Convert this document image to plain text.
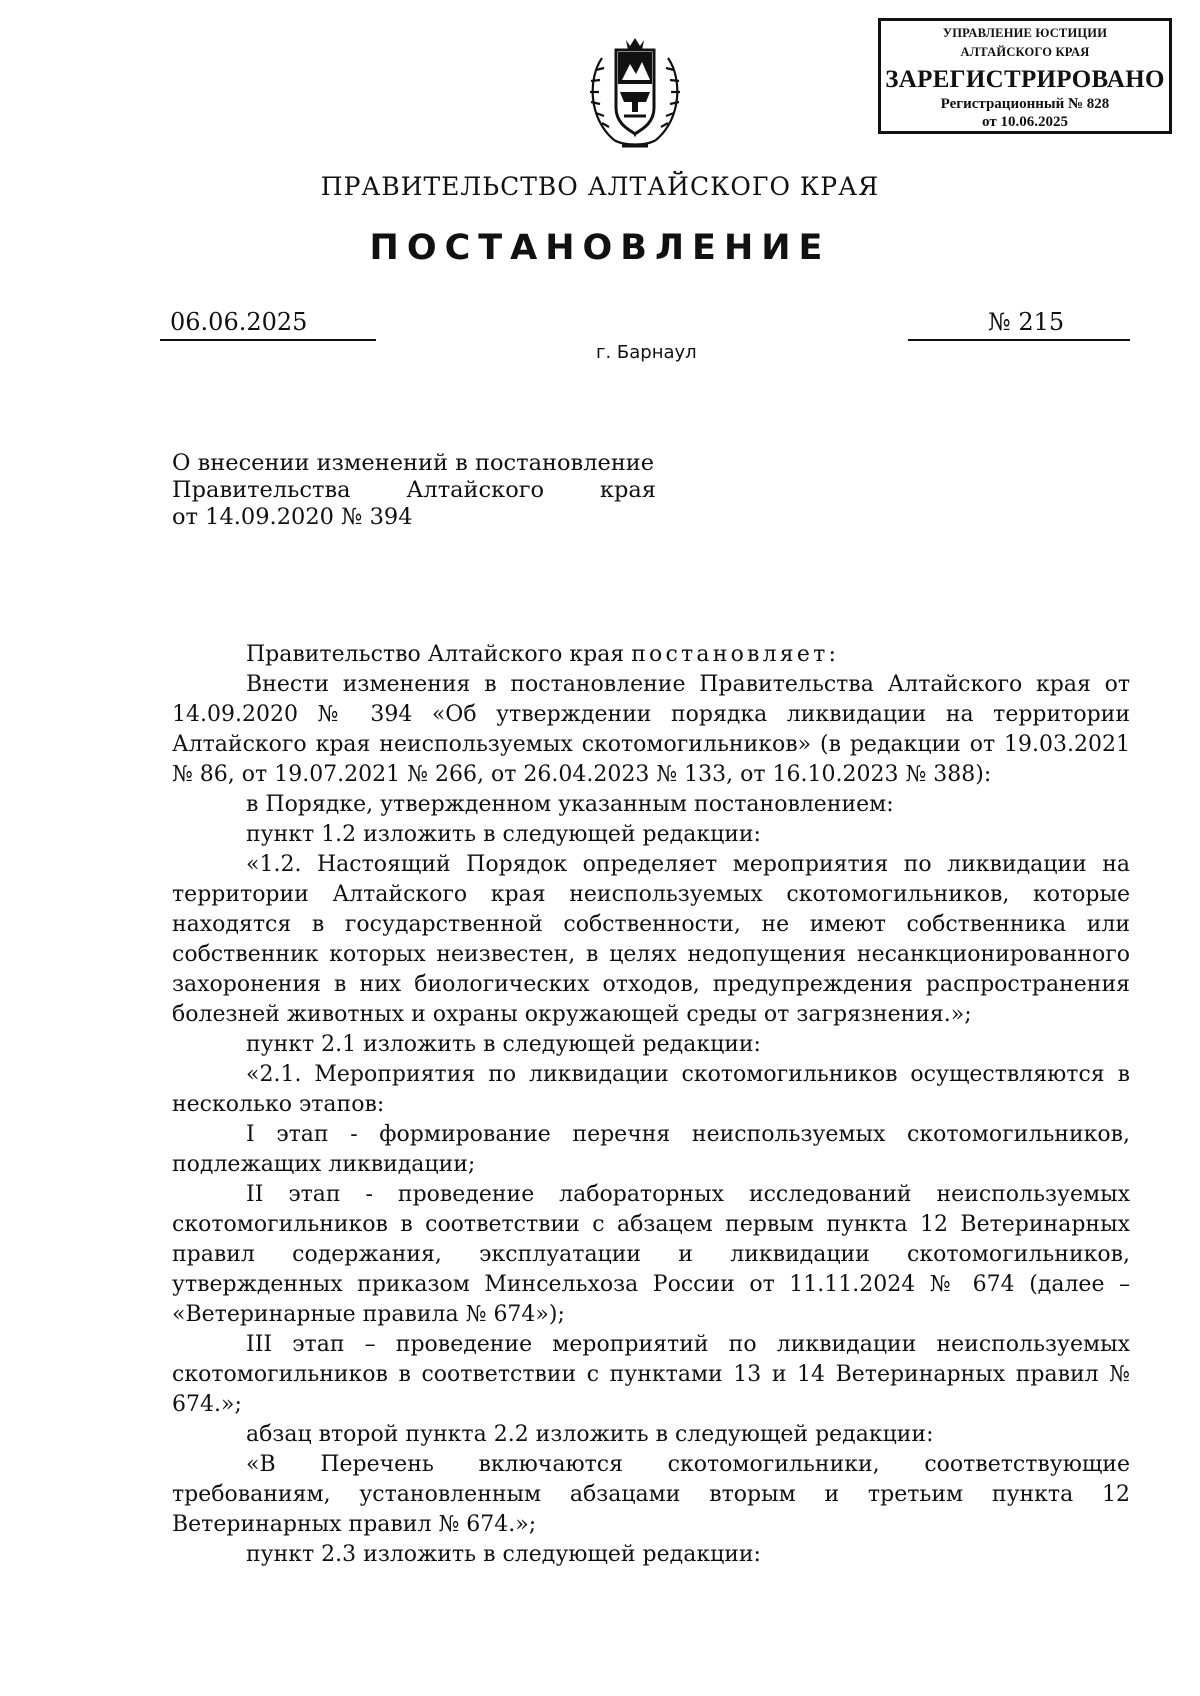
УПРАВЛЕНИЕ ЮСТИЦИИ
АЛТАЙСКОГО КРАЯ
ЗАРЕГИСТРИРОВАНО
Регистрационный № 828
от 10.06.2025
ПРАВИТЕЛЬСТВО АЛТАЙСКОГО КРАЯ
ПОСТАНОВЛЕНИЕ
06.06.2025	№ 215
г. Барнаул
О внесении изменений в постановление
Правительства Алтайского края
от 14.09.2020 № 394

Правительство Алтайского края постановляет:

Внести изменения в постановление Правительства Алтайского края от 14.09.2020 № 394 «Об утверждении порядка ликвидации на территории Алтайского края неиспользуемых скотомогильников» (в редакции от 19.03.2021 № 86, от 19.07.2021 № 266, от 26.04.2023 № 133, от 16.10.2023 № 388):

в Порядке, утвержденном указанным постановлением:

пункт 1.2 изложить в следующей редакции:

«1.2. Настоящий Порядок определяет мероприятия по ликвидации на территории Алтайского края неиспользуемых скотомогильников, которые находятся в государственной собственности, не имеют собственника или собственник которых неизвестен, в целях недопущения несанкционированного захоронения в них биологических отходов, предупреждения распространения болезней животных и охраны окружающей среды от загрязнения.»;

пункт 2.1 изложить в следующей редакции:

«2.1. Мероприятия по ликвидации скотомогильников осуществляются в несколько этапов:

I этап - формирование перечня неиспользуемых скотомогильников, подлежащих ликвидации;

II этап - проведение лабораторных исследований неиспользуемых скотомогильников в соответствии с абзацем первым пункта 12 Ветеринарных правил содержания, эксплуатации и ликвидации скотомогильников, утвержденных приказом Минсельхоза России от 11.11.2024 № 674 (далее – «Ветеринарные правила № 674»);

III этап – проведение мероприятий по ликвидации неиспользуемых скотомогильников в соответствии с пунктами 13 и 14 Ветеринарных правил № 674.»;

абзац второй пункта 2.2 изложить в следующей редакции:

«В Перечень включаются скотомогильники, соответствующие требованиям, установленным абзацами вторым и третьим пункта 12 Ветеринарных правил № 674.»;

пункт 2.3 изложить в следующей редакции:
